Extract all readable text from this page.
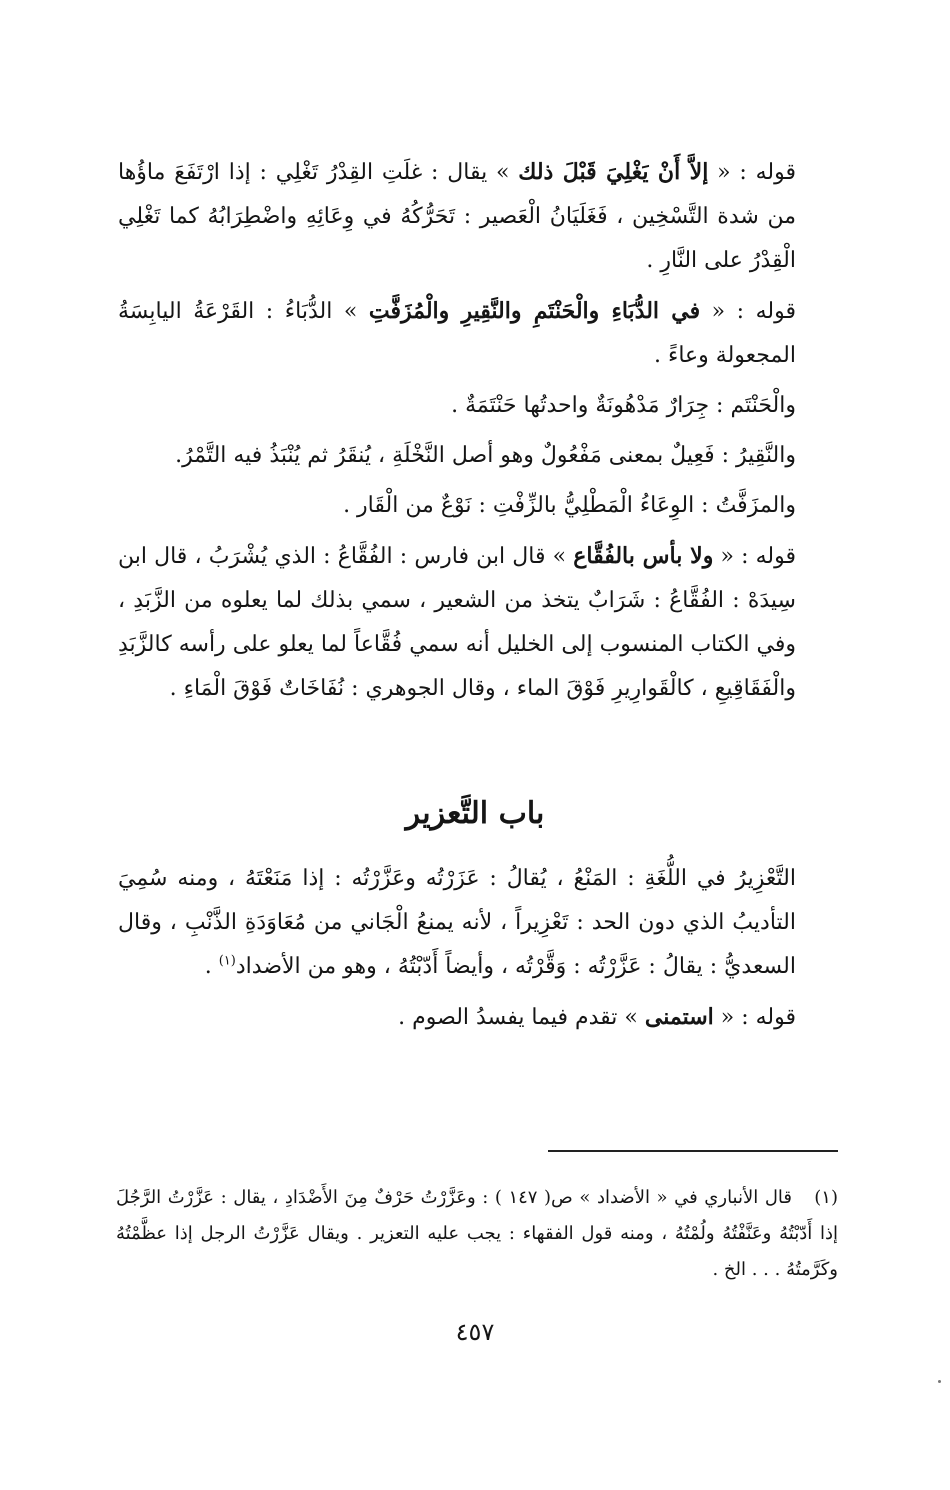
قوله : « إلاَّ أَنْ يَغْلِيَ قَبْلَ ذلك » يقال : غلَتِ القِدْرُ تَغْلِي : إذا ارْتَفَعَ ماؤُها من شدة التَّسْخِين ، فَغَلَيَانُ الْعَصير : تَحَرُّكُهُ في وِعَائِهِ واضْطِرَابُهُ كما تَغْلِي الْقِدْرُ على النَّارِ .

قوله : « في الدُّبَاءِ والْحَنْتَمِ والنَّقِيرِ والْمُزَفَّتِ » الدُّبَاءُ : القَرْعَةُ اليابِسَةُ المجعولة وعاءً .

والْحَنْتَم : جِرَارٌ مَدْهُونَةٌ واحدتُها حَنْتَمَةٌ .

والنَّقِيرُ : فَعِيلٌ بمعنى مَفْعُولٌ وهو أصل النَّخْلَةِ ، يُنقَرُ ثم يُنْبَذُ فيه التَّمْرُ.

والمزَفَّتُ : الوِعَاءُ الْمَطْلِيُّ بالزِّفْتِ : نَوْعٌ من الْقَار .

قوله : « ولا بأس بالفُقَّاع » قال ابن فارس : الفُقَّاعُ : الذي يُشْرَبُ ، قال ابن سِيدَهْ : الفُقَّاعُ : شَرَابٌ يتخذ من الشعير ، سمي بذلك لما يعلوه من الزَّبَدِ ، وفي الكتاب المنسوب إلى الخليل أنه سمي فُقَّاعاً لما يعلو على رأسه كالزَّبَدِ والْفَقَاقِيعِ ، كالْقَوارِيرِ فَوْقَ الماء ، وقال الجوهري : نُفَاخَاتٌ فَوْقَ الْمَاءِ .

باب التَّعزير

التَّعْزِيرُ في اللُّغَةِ : المَنْعُ ، يُقالُ : عَزَرْتُه وعَزَّرْتُه : إذا مَنَعْتَهُ ، ومنه سُمِيَ التأديبُ الذي دون الحد : تَعْزِيراً ، لأنه يمنعُ الْجَاني من مُعَاوَدَةِ الذَّنْبِ ، وقال السعديُّ : يقالُ : عَزَّرْتُه : وَقَّرْتُه ، وأيضاً أَدّبْتُهُ ، وهو من الأضداد$^{(١)}$ .

قوله : « استمنى » تقدم فيما يفسدُ الصوم .

(١)قال الأنباري في « الأضداد » ص( ١٤٧ ) : وعَزَّرْتُ حَرْفٌ مِنَ الأَضْدَادِ ، يقال : عَزَّرْتُ الرَّجُلَ إذا أَدّبْتُهُ وعَنَّفْتُهُ ولُمْتُهُ ، ومنه قول الفقهاء : يجب عليه التعزير . ويقال عَزَّرْتُ الرجل إذا عظَّمْتُهُ وكَرَّمتُهُ . . . الخ .
٤٥٧
